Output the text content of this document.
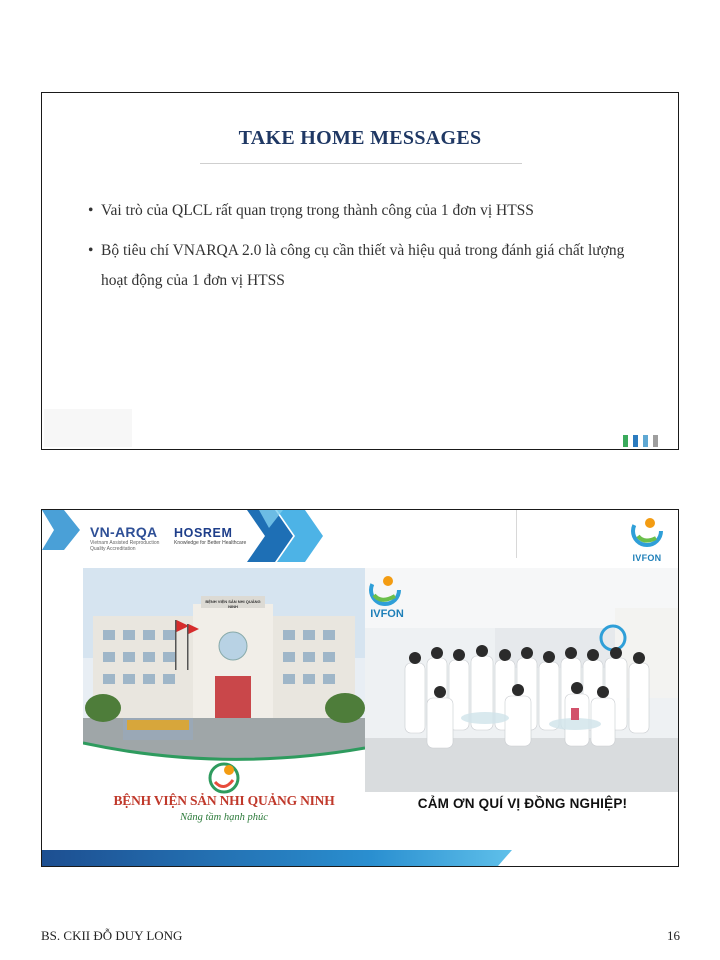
TAKE HOME MESSAGES
• Vai trò của QLCL rất quan trọng trong thành công của 1 đơn vị HTSS
• Bộ tiêu chí VNARQA 2.0 là công cụ cần thiết và hiệu quả trong đánh giá chất lượng hoạt động của 1 đơn vị HTSS
VN-ARQA
Vietnam Assisted Reproduction Quality Accreditation
HOSREM
Knowledge for Better Healthcare
IVFON
BỆNH VIỆN SẢN NHI QUẢNG NINH
Nâng tầm hạnh phúc
BỆNH VIỆN SẢN NHI QUẢNG NINH
IVFON
CẢM ƠN QUÍ VỊ ĐỒNG NGHIỆP!
BS. CKII ĐỖ DUY LONG	16
